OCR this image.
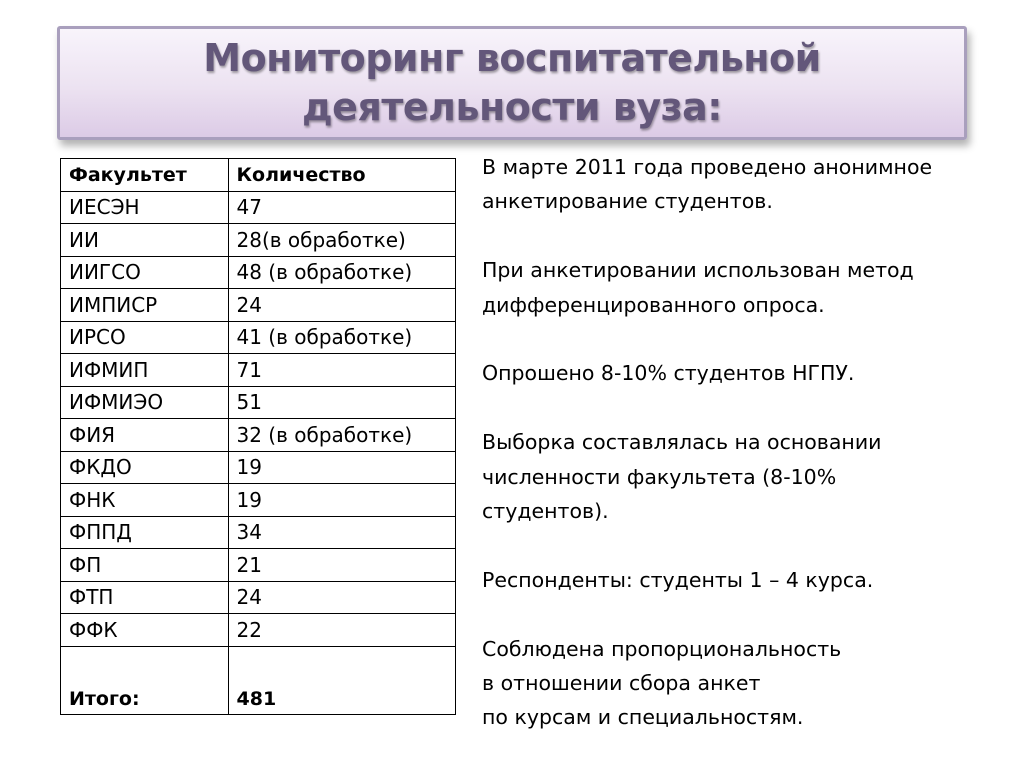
Мониторинг воспитательной
деятельности вуза:
Факультет	Количество
ИЕСЭН	47
ИИ	28(в обработке)
ИИГСО	48 (в обработке)
ИМПИСР	24
ИРСО	41 (в обработке)
ИФМИП	71
ИФМИЭО	51
ФИЯ	32 (в обработке)
ФКДО	19
ФНК	19
ФППД	34
ФП	21
ФТП	24
ФФК	22
Итого:	481

В марте 2011 года проведено анонимное
анкетирование студентов.

При анкетировании использован метод
дифференцированного опроса.

Опрошено 8-10% студентов НГПУ.

Выборка составлялась на основании
численности факультета (8-10%
студентов).

Респонденты: студенты 1 – 4 курса.

Соблюдена пропорциональность
в отношении сбора анкет
по курсам и специальностям.
